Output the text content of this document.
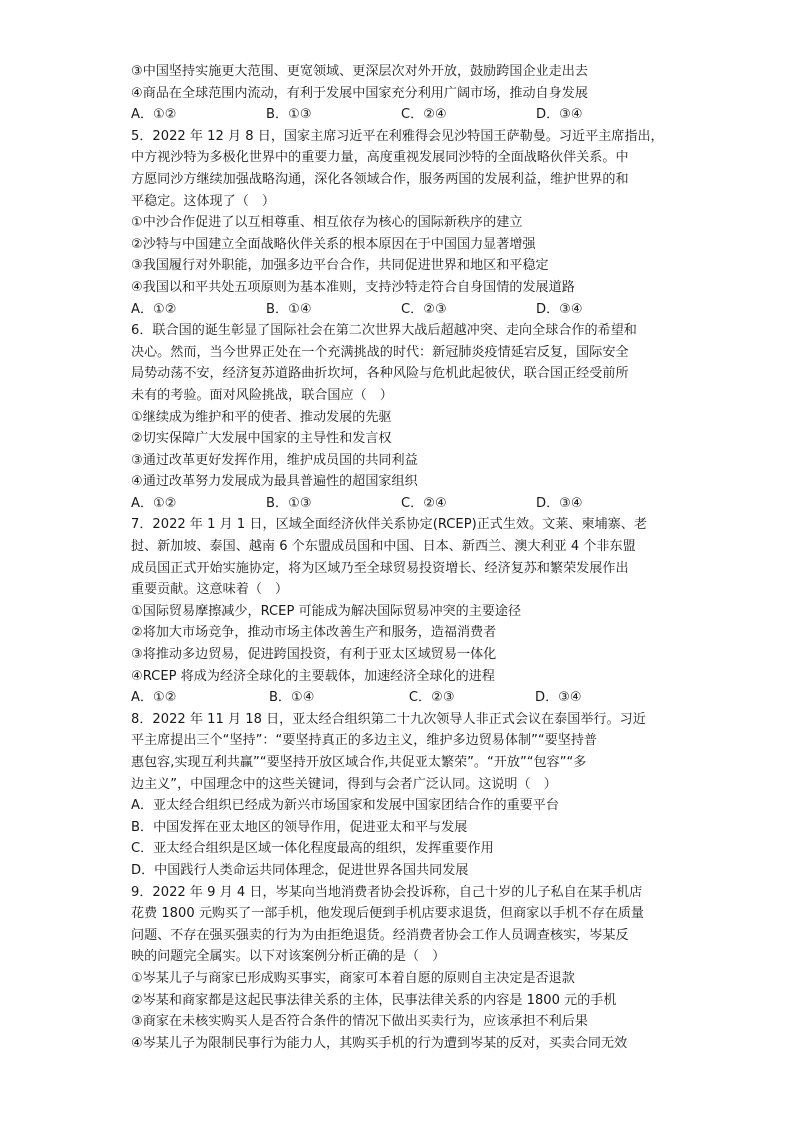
③中国坚持实施更大范围、更宽领域、更深层次对外开放，鼓励跨国企业走出去
④商品在全球范围内流动，有利于发展中国家充分利用广阔市场，推动自身发展
A．①②	B．①③	C．②④	D．③④
5．2022 年 12 月 8 日，国家主席习近平在利雅得会见沙特国王萨勒曼。习近平主席指出，
中方视沙特为多极化世界中的重要力量，高度重视发展同沙特的全面战略伙伴关系。中
方愿同沙方继续加强战略沟通，深化各领域合作，服务两国的发展利益，维护世界的和
平稳定。这体现了（　）
①中沙合作促进了以互相尊重、相互依存为核心的国际新秩序的建立
②沙特与中国建立全面战略伙伴关系的根本原因在于中国国力显著增强
③我国履行对外职能，加强多边平台合作，共同促进世界和地区和平稳定
④我国以和平共处五项原则为基本准则，支持沙特走符合自身国情的发展道路
A．①②	B．①④	C．②③	D．③④
6．联合国的诞生彰显了国际社会在第二次世界大战后超越冲突、走向全球合作的希望和
决心。然而，当今世界正处在一个充满挑战的时代：新冠肺炎疫情延宕反复，国际安全
局势动荡不安，经济复苏道路曲折坎坷，各种风险与危机此起彼伏，联合国正经受前所
未有的考验。面对风险挑战，联合国应（　）
①继续成为维护和平的使者、推动发展的先驱
②切实保障广大发展中国家的主导性和发言权
③通过改革更好发挥作用，维护成员国的共同利益
④通过改革努力发展成为最具普遍性的超国家组织
A．①②	B．①③	C．②④	D．③④
7．2022 年 1 月 1 日，区域全面经济伙伴关系协定(RCEP)正式生效。文莱、柬埔寨、老
挝、新加坡、泰国、越南 6 个东盟成员国和中国、日本、新西兰、澳大利亚 4 个非东盟
成员国正式开始实施协定，将为区域乃至全球贸易投资增长、经济复苏和繁荣发展作出
重要贡献。这意味着（　）
①国际贸易摩擦减少，RCEP 可能成为解决国际贸易冲突的主要途径
②将加大市场竞争，推动市场主体改善生产和服务，造福消费者
③将推动多边贸易，促进跨国投资，有利于亚太区域贸易一体化
④RCEP 将成为经济全球化的主要载体，加速经济全球化的进程
A．①②	B．①④	C．②③	D．③④
8．2022 年 11 月 18 日，亚太经合组织第二十九次领导人非正式会议在泰国举行。习近
平主席提出三个“坚持”：“要坚持真正的多边主义，维护多边贸易体制”“要坚持普
惠包容,实现互利共赢”“要坚持开放区域合作,共促亚太繁荣”。“开放”“包容”“多
边主义”，中国理念中的这些关键词，得到与会者广泛认同。这说明（　）
A．亚太经合组织已经成为新兴市场国家和发展中国家团结合作的重要平台
B．中国发挥在亚太地区的领导作用，促进亚太和平与发展
C．亚太经合组织是区域一体化程度最高的组织，发挥重要作用
D．中国践行人类命运共同体理念，促进世界各国共同发展
9．2022 年 9 月 4 日，岑某向当地消费者协会投诉称，自己十岁的儿子私自在某手机店
花费 1800 元购买了一部手机，他发现后便到手机店要求退货，但商家以手机不存在质量
问题、不存在强买强卖的行为为由拒绝退货。经消费者协会工作人员调查核实，岑某反
映的问题完全属实。以下对该案例分析正确的是（　）
①岑某儿子与商家已形成购买事实，商家可本着自愿的原则自主决定是否退款
②岑某和商家都是这起民事法律关系的主体，民事法律关系的内容是 1800 元的手机
③商家在未核实购买人是否符合条件的情况下做出买卖行为，应该承担不利后果
④岑某儿子为限制民事行为能力人，其购买手机的行为遭到岑某的反对，买卖合同无效
